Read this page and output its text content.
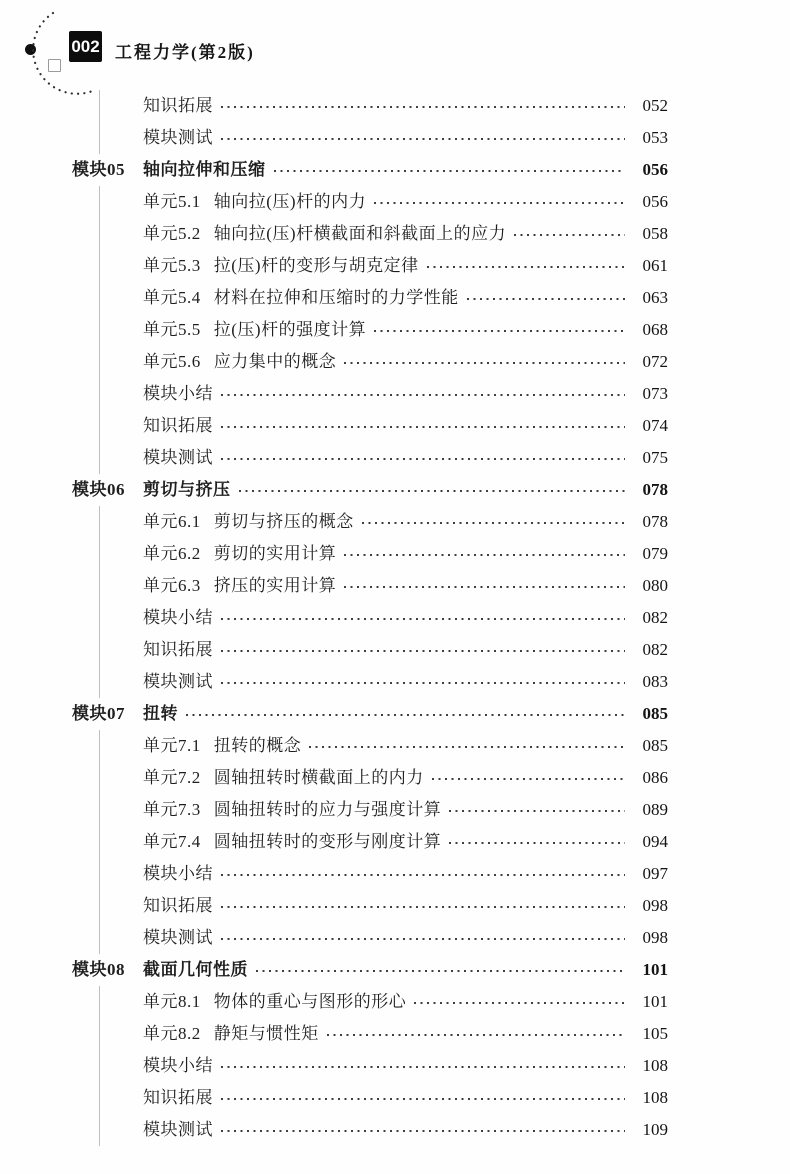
002 工程力学(第2版)
知识拓展	052
模块测试	053
模块05	轴向拉伸和压缩	056
单元5.1 轴向拉(压)杆的内力	056
单元5.2 轴向拉(压)杆横截面和斜截面上的应力	058
单元5.3 拉(压)杆的变形与胡克定律	061
单元5.4 材料在拉伸和压缩时的力学性能	063
单元5.5 拉(压)杆的强度计算	068
单元5.6 应力集中的概念	072
模块小结	073
知识拓展	074
模块测试	075
模块06	剪切与挤压	078
单元6.1 剪切与挤压的概念	078
单元6.2 剪切的实用计算	079
单元6.3 挤压的实用计算	080
模块小结	082
知识拓展	082
模块测试	083
模块07	扭转	085
单元7.1 扭转的概念	085
单元7.2 圆轴扭转时横截面上的内力	086
单元7.3 圆轴扭转时的应力与强度计算	089
单元7.4 圆轴扭转时的变形与刚度计算	094
模块小结	097
知识拓展	098
模块测试	098
模块08	截面几何性质	101
单元8.1 物体的重心与图形的形心	101
单元8.2 静矩与惯性矩	105
模块小结	108
知识拓展	108
模块测试	109
